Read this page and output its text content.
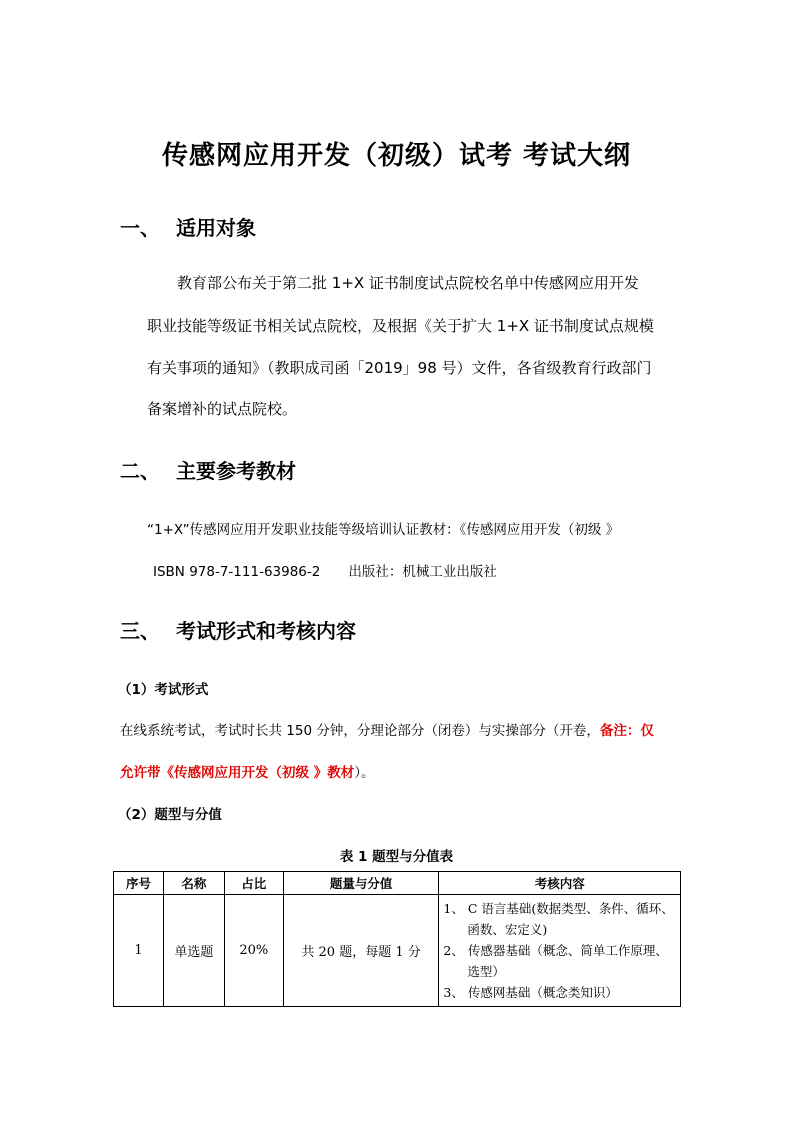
传感网应用开发（初级）试考 考试大纲
一、 适用对象
教育部公布关于第二批 1+X 证书制度试点院校名单中传感网应用开发
职业技能等级证书相关试点院校，及根据《关于扩大 1+X 证书制度试点规模
有关事项的通知》（教职成司函「2019」98 号）文件，各省级教育行政部门
备案增补的试点院校。
二、 主要参考教材
“1+X”传感网应用开发职业技能等级培训认证教材：《传感网应用开发（初级 》
ISBN 978-7-111-63986-2 出版社：机械工业出版社
三、 考试形式和考核内容
（1）考试形式
在线系统考试，考试时长共 150 分钟，分理论部分（闭卷）与实操部分（开卷，备注：仅
允许带《传感网应用开发（初级 》教材）。
（2）题型与分值
表 1 题型与分值表
序号	名称	占比	题量与分值	考核内容
1	单选题	20%	共 20 题，每题 1 分	1、 C 语言基础(数据类型、条件、循环、函数、宏定义)
2、 传感器基础（概念、简单工作原理、选型）
3、 传感网基础（概念类知识）
